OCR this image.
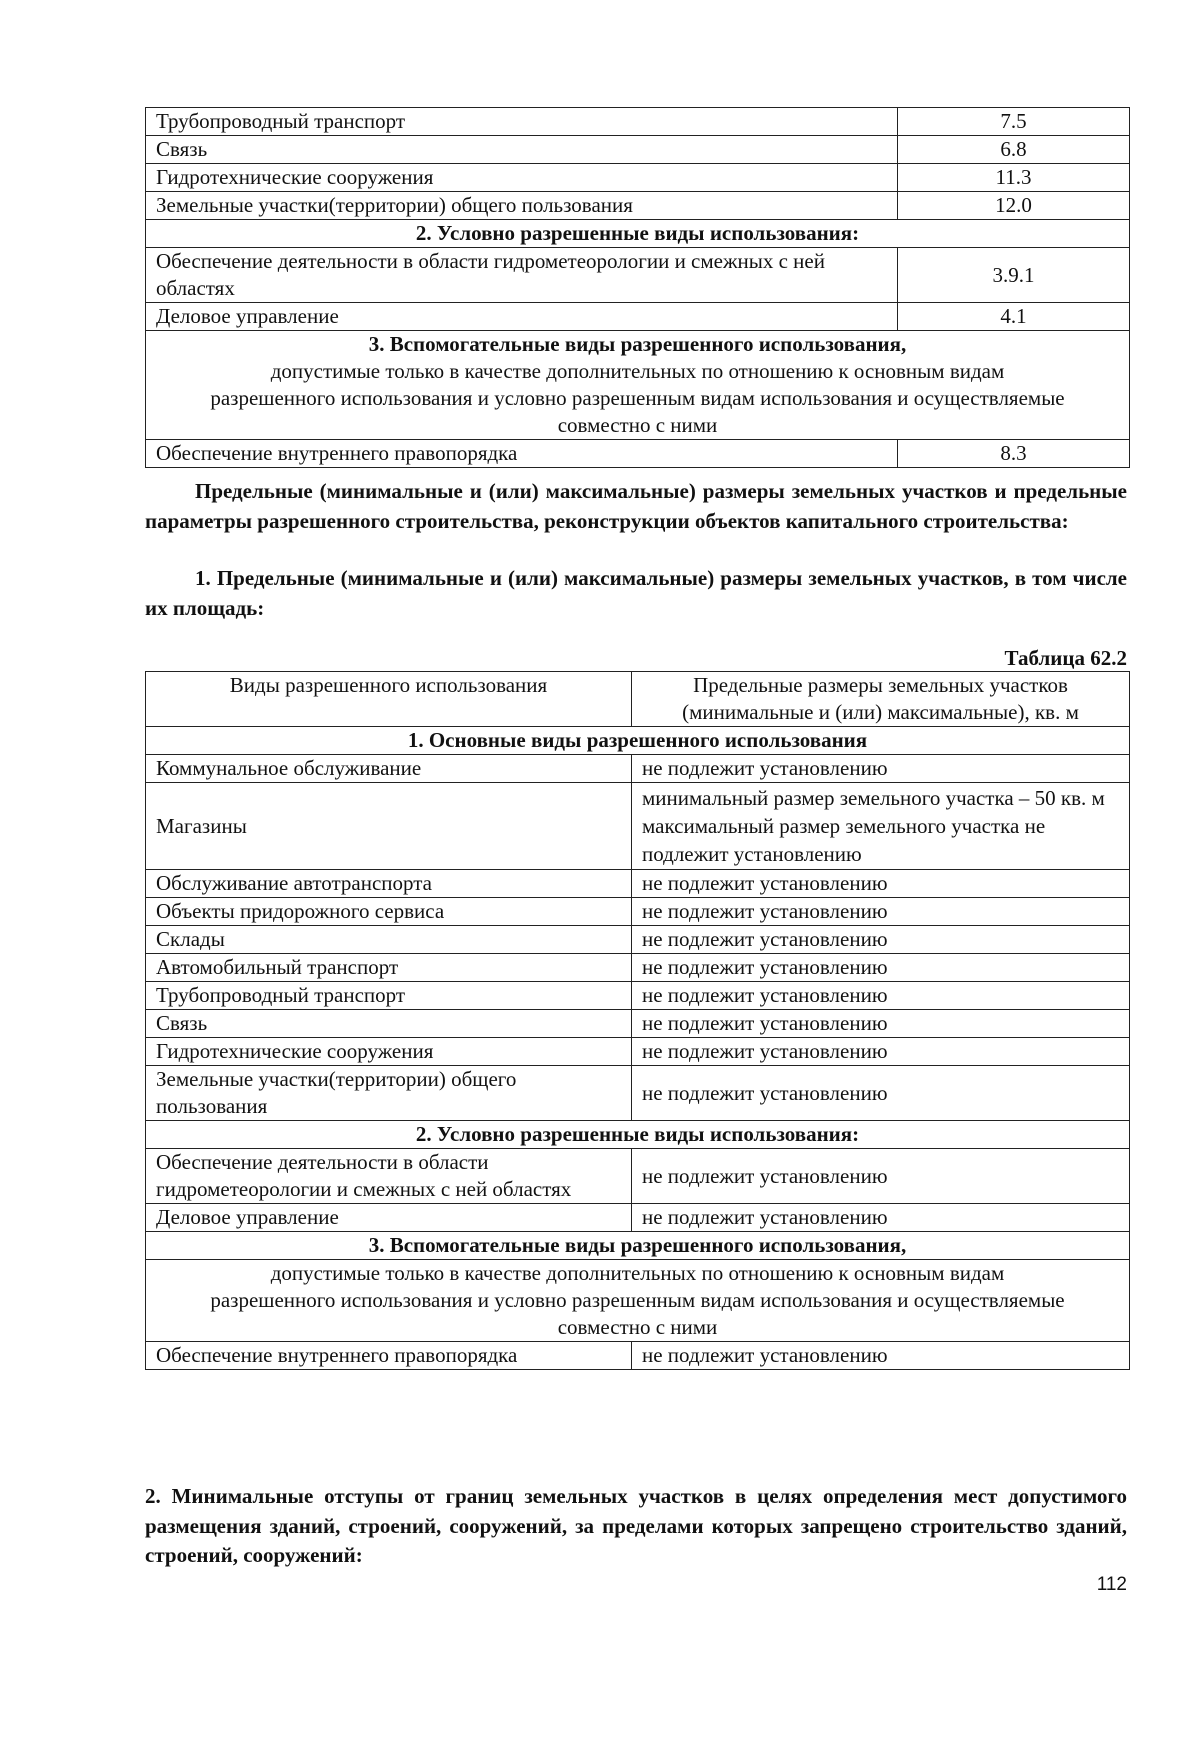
Трубопроводный транспорт	7.5
Связь	6.8
Гидротехнические сооружения	11.3
Земельные участки(территории) общего пользования	12.0
2. Условно разрешенные виды использования:	
Обеспечение деятельности в области гидрометеорологии и смежных с ней областях	3.9.1
Деловое управление	4.1

3. Вспомогательные виды разрешенного использования,
допустимые только в качестве дополнительных по отношению к основным видам разрешенного использования и условно разрешенным видам использования и осуществляемые совместно с ними	

Обеспечение внутреннего правопорядка	8.3
Предельные (минимальные и (или) максимальные) размеры земельных участков и предельные параметры разрешенного строительства, реконструкции объектов капитального строительства:
1. Предельные (минимальные и (или) максимальные) размеры земельных участков, в том числе их площадь:
Таблица 62.2
Виды разрешенного использования	Предельные размеры земельных участков (минимальные и (или) максимальные), кв. м
1. Основные виды разрешенного использования	
Коммунальное обслуживание	не подлежит установлению
Магазины	минимальный размер земельного участка – 50 кв. м
максимальный размер земельного участка не подлежит установлению

Обслуживание автотранспорта	не подлежит установлению
Объекты придорожного сервиса	не подлежит установлению
Склады	не подлежит установлению
Автомобильный транспорт	не подлежит установлению
Трубопроводный транспорт	не подлежит установлению
Связь	не подлежит установлению
Гидротехнические сооружения	не подлежит установлению
Земельные участки(территории) общего пользования	не подлежит установлению
2. Условно разрешенные виды использования:	
Обеспечение деятельности в области гидрометеорологии и смежных с ней областях	не подлежит установлению
Деловое управление	не подлежит установлению
3. Вспомогательные виды разрешенного использования,	
допустимые только в качестве дополнительных по отношению к основным видам разрешенного использования и условно разрешенным видам использования и осуществляемые совместно с ними	
Обеспечение внутреннего правопорядка	не подлежит установлению
2. Минимальные отступы от границ земельных участков в целях определения мест допустимого размещения зданий, строений, сооружений, за пределами которых запрещено строительство зданий, строений, сооружений:
112
